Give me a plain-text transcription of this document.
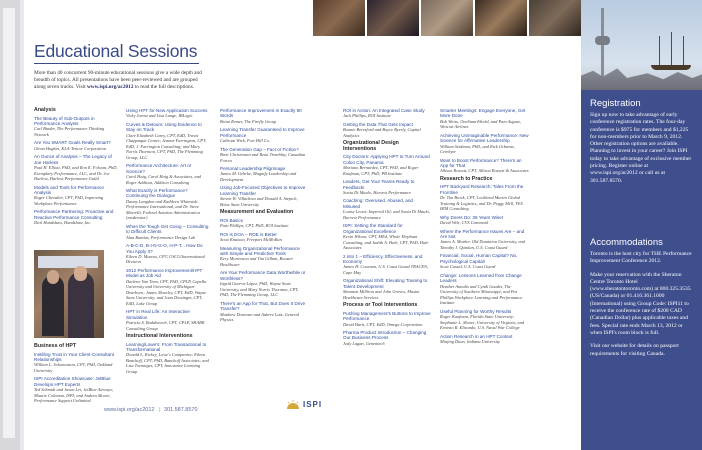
Educational Sessions
More than 40 concurrent 90-minute educational sessions give a wide depth and breadth of topics. All presentations have been peer-reviewed and are grouped along seven tracks. Visit www.ispi.org/ac2012 to read the full descriptions.
Analysis
The Beauty of Sub-Outputs in Performance Analysis
Carl Binder, The Performance Thinking Network
Are You SMART Goals Really Smart?
Glenn Hughes, KLA-Tencor Corporation
An Ounce of Analysis – The Legacy of Joe Harless
Paul H. Elliott, PhD, and Ron E. Folsom, PhD, Exemplary Performance, LLC, and Dr. Joe Harless, Harless Performance Guild
Models and Tools for Performance Analysis
Roger Chevalier, CPT, PhD, Improving Workplace Performance
Performance Partnering: Proactive and Reactive Performance Consulting
Dick Handshaw, Handshaw, Inc.
Using HPT for New Application Success
Vicky Jarosz and Lisa Lange, IBLogic
Curves & Detours: Using Evidence to Stay on Track
Clare Elizabeth Carey, CPT, EdD, Travis Chappaqua Center; Jeanne Farrington, CPT, EdD, J. Farrington Consulting; and Mary Norris Thornton, CPT, PhD, The Flemming Group, LLC
Performance Architecture: Art or Science?
Carol Haig, Carol Haig & Associates, and Roger Addison, Addison Consulting
What Exactly is Performance? Continuing the Dialogue
Danny Langdon and Kathleen Whiteside, Performance International, and Dr. Steve Marrelli, Federal Aviation Administration (moderator)
When the Tough Get Going – Consulting to Difficult Clients
Alan Ramias, Performance Design Lab
A-B-C-D, B-I-N-G-O, H-P-T... How Do You Apply It?
Eileen D. Marcus, CPT, USCG/International Division
2012 Performance Improvement/HPT Model as Job Aid
Darlene Van Tiem, CPT, PhD, CPLP, Capella University and University of Michigan-Dearborn; James Moseley, CPT, EdD, Wayne State University; and Joan Dessinger, CPT, EdD, Lake Group
HPT in Real Life: An Interactive Simulation
Patricia S. Radakovich, CPT, CPLP, SHARK Consulting Group
Instructional Interventions
Learning/Lowe's: From Transactional to Transformational
Donald L. Kirkey, Lowe's Companies; Eileen Banchoff, CPT, PhD, Banchoff Associates; and Lisa Toenniges, CPT, Innovative Learning Group
Performance Improvement in Exactly 90 Words
Brian Remer, The Firefly Group
Learning Transfer Guaranteed to Improve Performance
Calhoun Wick, Fort Hill Co.
The Generation Gap – Fact or Fiction?
Brett Christensen and Remi Tremblay, Canadian Forces
Personal Leadership Pilgrimage
James M. Gehrke, Magnify Leadership and Development
Using Job-Focused Objectives to Improve Learning Transfer
Steven W. Villachica and Donald A. Stepich, Boise State University
Measurement and Evaluation
ROI Basics
Patti Phillips, CPT, PhD, ROI Institute
ROI is DOA – ROE is Better
Scott Knutson, Freeport McMoRan
Measuring Organizational Performance with Simple and Predictive Tools
Kery Mortenson and Tim Gillam, Booster Healthcare
Are Your Performance Data Worthwhile or Worthless?
Ingrid Guerra-López, PhD, Wayne State University, and Mary Norris Thornton, CPT, PhD, The Flemming Group, LLC
There's an App for That, But Does It Drive Transfer?
Matthew Donovan and Aubree Lutz, General Physics
ROI in Action: An Integrated Case Study
Jack Phillips, ROI Institute
Getting the Data That Gets Impact
Bonnie Beresford and Boyce Byerly, Capital Analytics
Organizational Design Interventions
City Doctors: Applying HPT to Turn Around Colon City, Panama
Mariano Bernardez, CPT, PhD, and Roger Kaufman, CPT, PhD, PB Institute
Leaders, Get Your Teams Ready to Feedback!
Sonia Di Maulo, Harvest Performance
Coaching: Overused, Abused, and Misused
Louise Leone, Imperial Oil; and Sonia Di Maulo, Harvest Performance
ISPI: Setting the Standard for Organizational Excellence
Kevin Wilson, CPT, MEd, Whole Elephant Consulting, and Judith A. Hale, CPT, PhD, Hale Associates
2 into 1 – Efficiency, Effectiveness, and Economy
James H. Cournan, U.S. Coast Guard TRACEN, Cape May
Organizational Shift: Elevating Training to Talent Development
Shannon Milliron and John Graves, Maxim Healthcare Services
Process or Tool Interventions
Pushing Management's Buttons to Improve Performance
David Hartt, CPT, EdD, Omega Corporation
Pharma Product Introduction – Changing Our Business Process
Jody Lagan, Genentech
Smarter Meetings: Engage Everyone, Get More Done
Bob Weiss, OneSmartWorld, and Pam August, Wescott Airlines
Achieving Unimaginable Performance: New Science for Affirmative Leadership
William Seidman, PhD, and Rick Grbavac, Cerebyte
Want to Boost Performance? There's an App for That
Allison Rossett, CPT, Allison Rossett & Associates
Research to Practice
HPT Backyard Research: Tales From the Frontline
Dr. Tim Brock, CPT, Lockheed Martin Global Training & Logistics, and Dr. Peggy Mell, YES HIM Consulting
Why Doers Do: 35 Years Wiser
David Wile, CVS Caremark
Where the Performance Issues Are – and Are Not
James A. Marker, Old Dominion University, and Timothy J. Quinlan, U.S. Coast Guard
Financial, Social, Human Capital? No, Psychological Capital!
Scott Cassal, U.S. Coast Guard
Change: Lessons Learned from Change Leaders
Heather Annulis and Cyndi Gaudet, The University of Southern Mississippi; and Pat Phillips Workplace Learning and Performance Institute
Useful Planning for Worthy Results
Roger Kaufman, Florida State University; Stephanie L. Moore, University of Virginia; and Ernesto R. Elizondo, U.S. Naval War College
Action Research in an HPT Context
Minjing Duan, Indiana University
Business of HPT
Instilling Trust in Your Client-Consultant Relationships
William L. Solomonson, CPT, PhD, Oakland University
ISPI Accreditation Showcase: JetBlue Develops HPT Experts
Ted Schmidt and Jason Lei, JetBlue Airways; Maurie Coleman, ISPI; and Andrea Moore, Performance Support Unlimited
www.ispi.org/ac2012 | 301.587.8570
ISPI
Registration
Sign up now to take advantage of early conference registration rates. The four-day conference is $975 for members and $1,225 for non-members prior to March 9, 2012. Other registration options are available. Planning to invest in your career? Join ISPI today to take advantage of exclusive member pricing. Register online at www.ispi.org/ac2012 or call us at 301.587.8570.
Accommodations
Toronto is the host city for THE Performance Improvement Conference 2012.
Make your reservation with the Sheraton Centre Toronto Hotel (www.sheratontoronto.com) at 800.325.3535 (US/Canada) or 01.416.361.1000 (International) using Group Code: ISPI11 to receive the conference rate of $208 CAD (Canadian Dollar) plus applicable taxes and fees. Special rate ends March 13, 2012 or when ISPI's room block is full.
Visit our website for details on passport requirements for visiting Canada.
